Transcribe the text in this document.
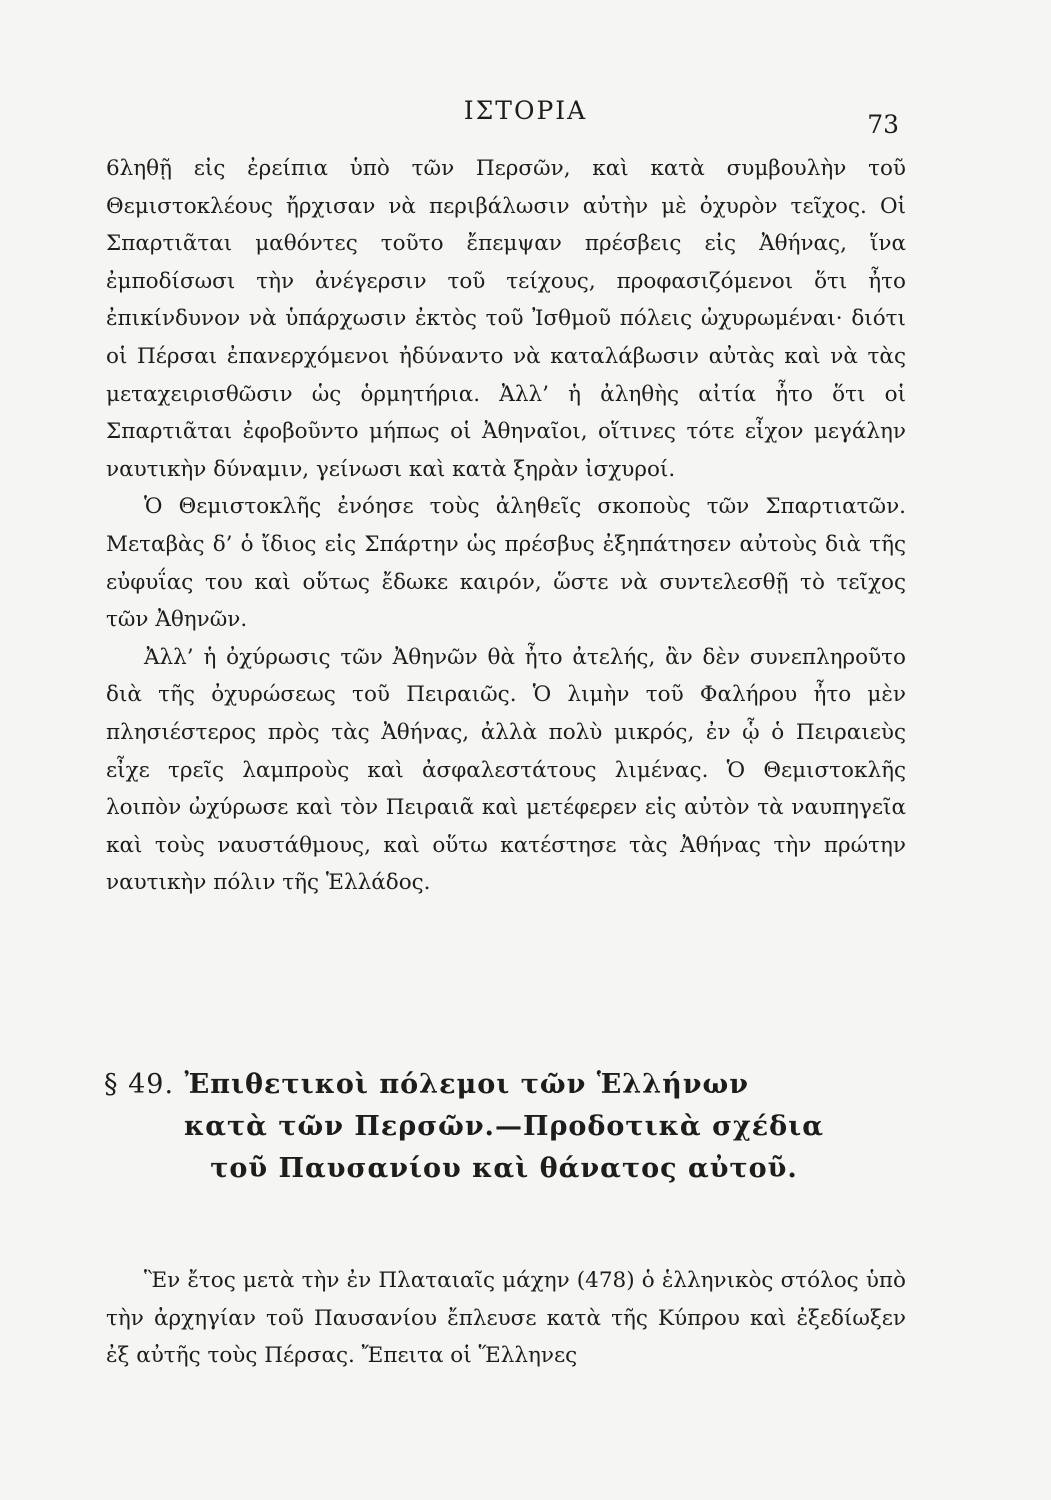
ΙΣΤΟΡΙΑ	73

6ληθῇ εἰς ἐρείπια ὑπὸ τῶν Περσῶν, καὶ κατὰ συμβουλὴν τοῦ Θεμιστοκλέους ἤρχισαν νὰ περιβάλωσιν αὐτὴν μὲ ὀχυρὸν τεῖχος. Οἱ Σπαρτιᾶται μαθόντες τοῦτο ἔπεμψαν πρέσβεις εἰς Ἀθήνας, ἵνα ἐμποδίσωσι τὴν ἀνέγερσιν τοῦ τείχους, προφασιζόμενοι ὅτι ἦτο ἐπικίνδυνον νὰ ὑπάρχωσιν ἐκτὸς τοῦ Ἰσθμοῦ πόλεις ὠχυρωμέναι· διότι οἱ Πέρσαι ἐπανερχόμενοι ἠδύναντο νὰ καταλάβωσιν αὐτὰς καὶ νὰ τὰς μεταχειρισθῶσιν ὡς ὁρμητήρια. Ἀλλ’ ἡ ἀληθὴς αἰτία ἦτο ὅτι οἱ Σπαρτιᾶται ἐφοβοῦντο μήπως οἱ Ἀθηναῖοι, οἵτινες τότε εἶχον μεγάλην ναυτικὴν δύναμιν, γείνωσι καὶ κατὰ ξηρὰν ἰσχυροί.

Ὁ Θεμιστοκλῆς ἐνόησε τοὺς ἀληθεῖς σκοποὺς τῶν Σπαρτιατῶν. Μεταβὰς δ’ ὁ ἴδιος εἰς Σπάρτην ὡς πρέσβυς ἐξηπάτησεν αὐτοὺς διὰ τῆς εὐφυΐας του καὶ οὕτως ἔδωκε καιρόν, ὥστε νὰ συντελεσθῇ τὸ τεῖχος τῶν Ἀθηνῶν.

Ἀλλ’ ἡ ὀχύρωσις τῶν Ἀθηνῶν θὰ ἦτο ἀτελής, ἂν δὲν συνεπληροῦτο διὰ τῆς ὀχυρώσεως τοῦ Πειραιῶς. Ὁ λιμὴν τοῦ Φαλήρου ἦτο μὲν πλησιέστερος πρὸς τὰς Ἀθήνας, ἀλλὰ πολὺ μικρός, ἐν ᾧ ὁ Πειραιεὺς εἶχε τρεῖς λαμπροὺς καὶ ἀσφαλεστάτους λιμένας. Ὁ Θεμιστοκλῆς λοιπὸν ὠχύρωσε καὶ τὸν Πειραιᾶ καὶ μετέφερεν εἰς αὐτὸν τὰ ναυπηγεῖα καὶ τοὺς ναυστάθμους, καὶ οὕτω κατέστησε τὰς Ἀθήνας τὴν πρώτην ναυτικὴν πόλιν τῆς Ἑλλάδος.

§ 49. Ἐπιθετικοὶ πόλεμοι τῶν Ἑλλήνων
κατὰ τῶν Περσῶν.—Προδοτικὰ σχέδια
τοῦ Παυσανίου καὶ θάνατος αὐτοῦ.

Ἓν ἔτος μετὰ τὴν ἐν Πλαταιαῖς μάχην (478) ὁ ἑλληνικὸς στόλος ὑπὸ τὴν ἀρχηγίαν τοῦ Παυσανίου ἔπλευσε κατὰ τῆς Κύπρου καὶ ἐξεδίωξεν ἐξ αὐτῆς τοὺς Πέρσας. Ἔπειτα οἱ Ἕλληνες
